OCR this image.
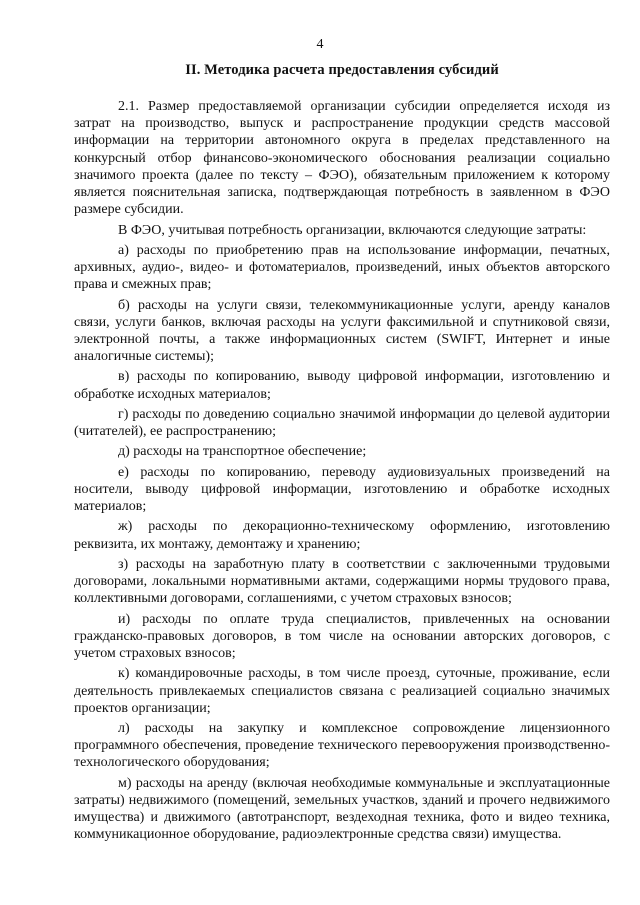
4
II. Методика расчета предоставления субсидий

2.1. Размер предоставляемой организации субсидии определяется исходя из затрат на производство, выпуск и распространение продукции средств массовой информации на территории автономного округа в пределах представленного на конкурсный отбор финансово-экономического обоснования реализации социально значимого проекта (далее по тексту – ФЭО), обязательным приложением к которому является пояснительная записка, подтверждающая потребность в заявленном в ФЭО размере субсидии.

В ФЭО, учитывая потребность организации, включаются следующие затраты:

а) расходы по приобретению прав на использование информации, печатных, архивных, аудио-, видео- и фотоматериалов, произведений, иных объектов авторского права и смежных прав;

б) расходы на услуги связи, телекоммуникационные услуги, аренду каналов связи, услуги банков, включая расходы на услуги факсимильной и спутниковой связи, электронной почты, а также информационных систем (SWIFT, Интернет и иные аналогичные системы);

в) расходы по копированию, выводу цифровой информации, изготовлению и обработке исходных материалов;

г) расходы по доведению социально значимой информации до целевой аудитории (читателей), ее распространению;

д) расходы на транспортное обеспечение;

е) расходы по копированию, переводу аудиовизуальных произведений на носители, выводу цифровой информации, изготовлению и обработке исходных материалов;

ж) расходы по декорационно-техническому оформлению, изготовлению реквизита, их монтажу, демонтажу и хранению;

з) расходы на заработную плату в соответствии с заключенными трудовыми договорами, локальными нормативными актами, содержащими нормы трудового права, коллективными договорами, соглашениями, с учетом страховых взносов;

и) расходы по оплате труда специалистов, привлеченных на основании гражданско-правовых договоров, в том числе на основании авторских договоров, с учетом страховых взносов;

к) командировочные расходы, в том числе проезд, суточные, проживание, если деятельность привлекаемых специалистов связана с реализацией социально значимых проектов организации;

л) расходы на закупку и комплексное сопровождение лицензионного программного обеспечения, проведение технического перевооружения производственно-технологического оборудования;

м) расходы на аренду (включая необходимые коммунальные и эксплуатационные затраты) недвижимого (помещений, земельных участков, зданий и прочего недвижимого имущества) и движимого (автотранспорт, вездеходная техника, фото и видео техника, коммуникационное оборудование, радиоэлектронные средства связи) имущества.
